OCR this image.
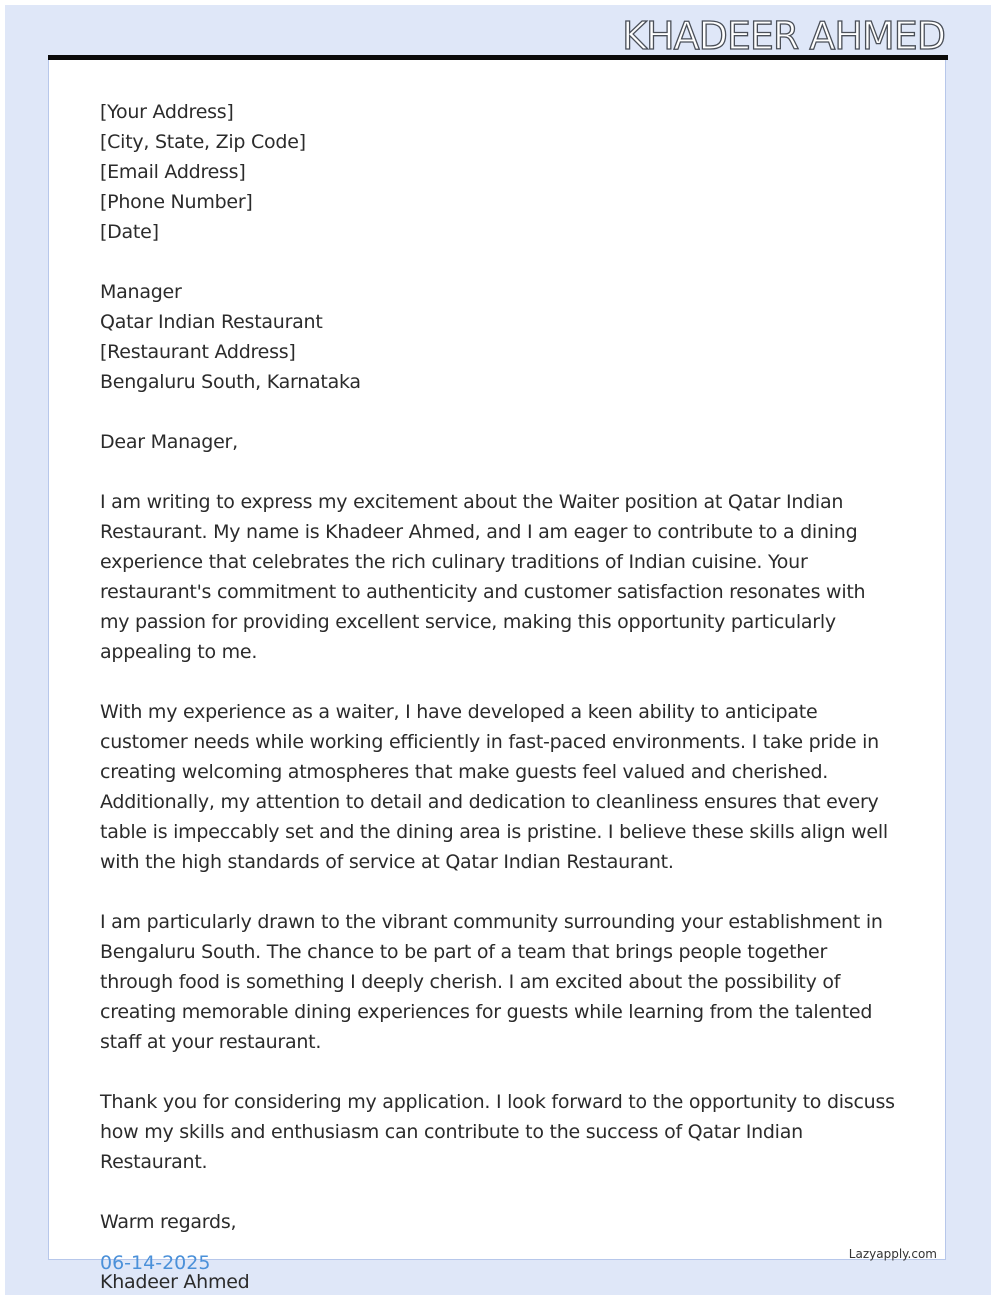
KHADEER AHMED
[Your Address]
[City, State, Zip Code]
[Email Address]
[Phone Number]
[Date]
Manager
Qatar Indian Restaurant
[Restaurant Address]
Bengaluru South, Karnataka
Dear Manager,

I am writing to express my excitement about the Waiter position at Qatar Indian Restaurant. My name is Khadeer Ahmed, and I am eager to contribute to a dining experience that celebrates the rich culinary traditions of Indian cuisine. Your restaurant's commitment to authenticity and customer satisfaction resonates with my passion for providing excellent service, making this opportunity particularly appealing to me.

With my experience as a waiter, I have developed a keen ability to anticipate customer needs while working efficiently in fast-paced environments. I take pride in creating welcoming atmospheres that make guests feel valued and cherished. Additionally, my attention to detail and dedication to cleanliness ensures that every table is impeccably set and the dining area is pristine. I believe these skills align well with the high standards of service at Qatar Indian Restaurant.

I am particularly drawn to the vibrant community surrounding your establishment in Bengaluru South. The chance to be part of a team that brings people together through food is something I deeply cherish. I am excited about the possibility of creating memorable dining experiences for guests while learning from the talented staff at your restaurant.

Thank you for considering my application. I look forward to the opportunity to discuss how my skills and enthusiasm can contribute to the success of Qatar Indian Restaurant.

Warm regards,
Khadeer Ahmed
06-14-2025	Lazyapply.com
